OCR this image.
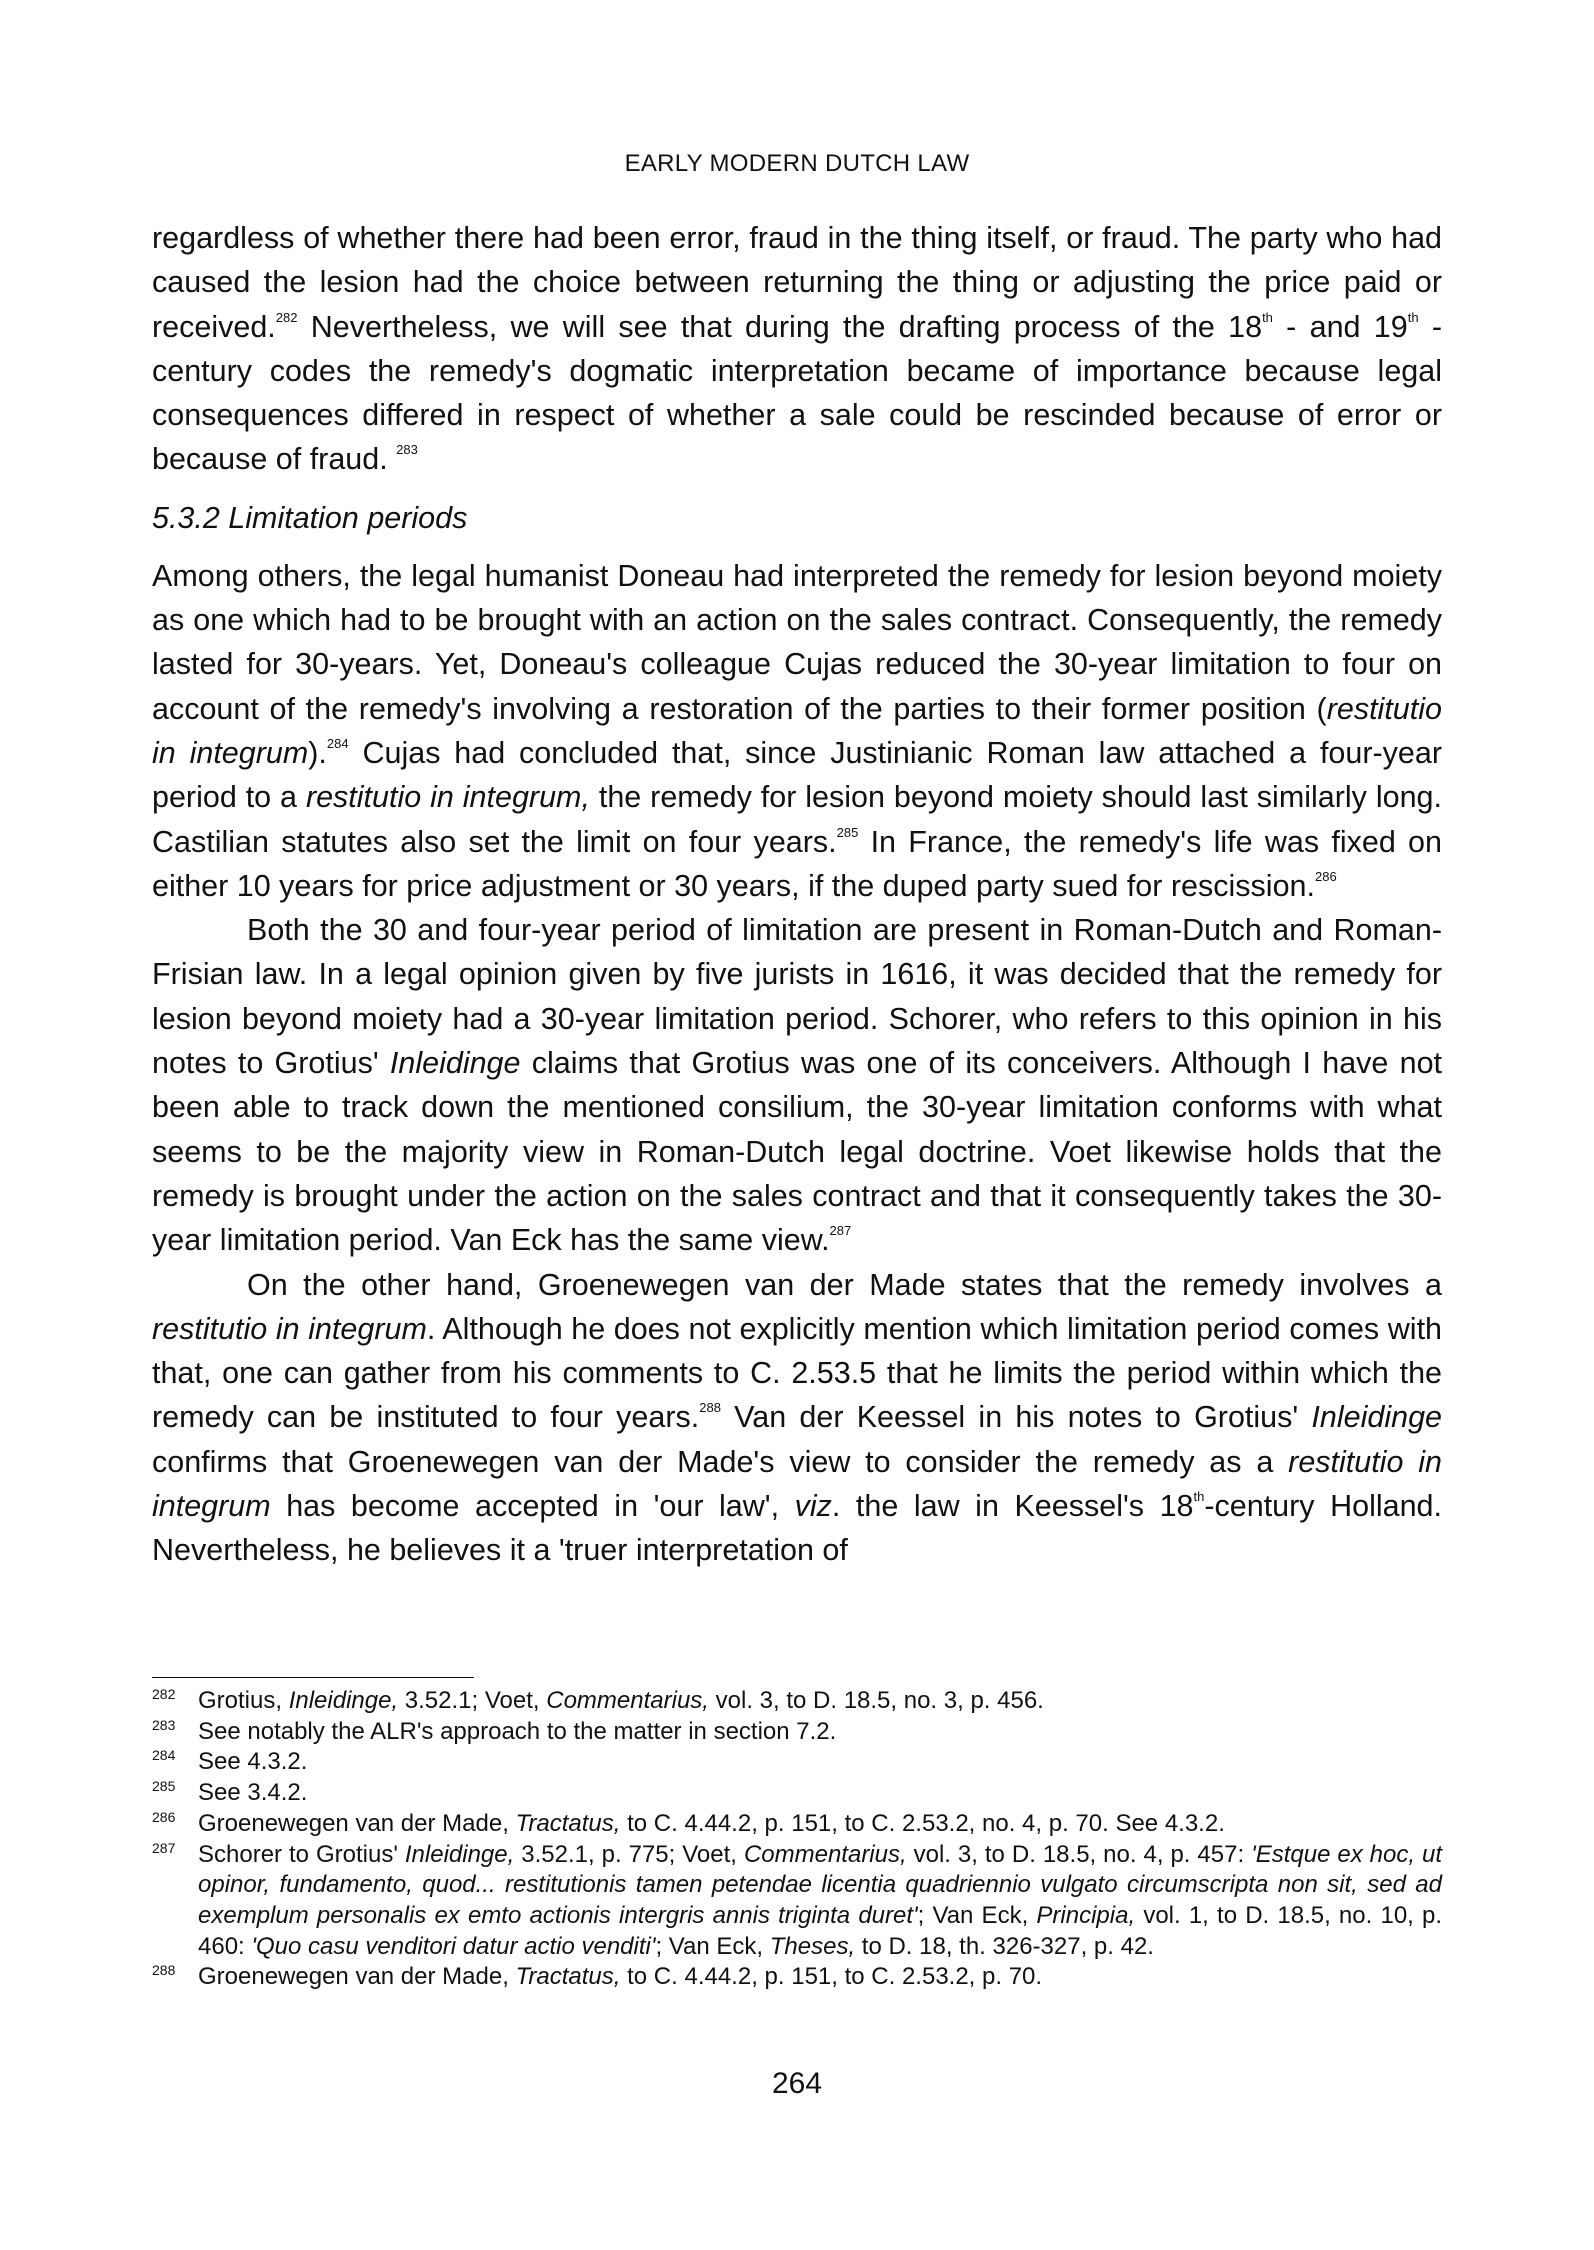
EARLY MODERN DUTCH LAW

regardless of whether there had been error, fraud in the thing itself, or fraud. The party who had caused the lesion had the choice between returning the thing or adjusting the price paid or received.$^{282}$ Nevertheless, we will see that during the drafting process of the 18th - and 19th -century codes the remedy's dogmatic interpretation became of importance because legal consequences differed in respect of whether a sale could be rescinded because of error or because of fraud. $^{283}$

5.3.2 Limitation periods

Among others, the legal humanist Doneau had interpreted the remedy for lesion beyond moiety as one which had to be brought with an action on the sales contract. Consequently, the remedy lasted for 30-years. Yet, Doneau's colleague Cujas reduced the 30-year limitation to four on account of the remedy's involving a restoration of the parties to their former position (restitutio in integrum).$^{284}$ Cujas had concluded that, since Justinianic Roman law attached a four-year period to a restitutio in integrum, the remedy for lesion beyond moiety should last similarly long. Castilian statutes also set the limit on four years.$^{285}$ In France, the remedy's life was fixed on either 10 years for price adjustment or 30 years, if the duped party sued for rescission.$^{286}$

Both the 30 and four-year period of limitation are present in Roman-Dutch and Roman-Frisian law. In a legal opinion given by five jurists in 1616, it was decided that the remedy for lesion beyond moiety had a 30-year limitation period. Schorer, who refers to this opinion in his notes to Grotius' Inleidinge claims that Grotius was one of its conceivers. Although I have not been able to track down the mentioned consilium, the 30-year limitation conforms with what seems to be the majority view in Roman-Dutch legal doctrine. Voet likewise holds that the remedy is brought under the action on the sales contract and that it consequently takes the 30-year limitation period. Van Eck has the same view.$^{287}$

On the other hand, Groenewegen van der Made states that the remedy involves a restitutio in integrum. Although he does not explicitly mention which limitation period comes with that, one can gather from his comments to C. 2.53.5 that he limits the period within which the remedy can be instituted to four years.$^{288}$ Van der Keessel in his notes to Grotius' Inleidinge confirms that Groenewegen van der Made's view to consider the remedy as a restitutio in integrum has become accepted in 'our law', viz. the law in Keessel's 18th-century Holland. Nevertheless, he believes it a 'truer interpretation of

282 Grotius, Inleidinge, 3.52.1; Voet, Commentarius, vol. 3, to D. 18.5, no. 3, p. 456.
283 See notably the ALR's approach to the matter in section 7.2.
284 See 4.3.2.
285 See 3.4.2.
286 Groenewegen van der Made, Tractatus, to C. 4.44.2, p. 151, to C. 2.53.2, no. 4, p. 70. See 4.3.2.
287 Schorer to Grotius' Inleidinge, 3.52.1, p. 775; Voet, Commentarius, vol. 3, to D. 18.5, no. 4, p. 457: 'Estque ex hoc, ut opinor, fundamento, quod... restitutionis tamen petendae licentia quadriennio vulgato circumscripta non sit, sed ad exemplum personalis ex emto actionis intergris annis triginta duret'; Van Eck, Principia, vol. 1, to D. 18.5, no. 10, p. 460: 'Quo casu venditori datur actio venditi'; Van Eck, Theses, to D. 18, th. 326-327, p. 42.
288 Groenewegen van der Made, Tractatus, to C. 4.44.2, p. 151, to C. 2.53.2, p. 70.
264
